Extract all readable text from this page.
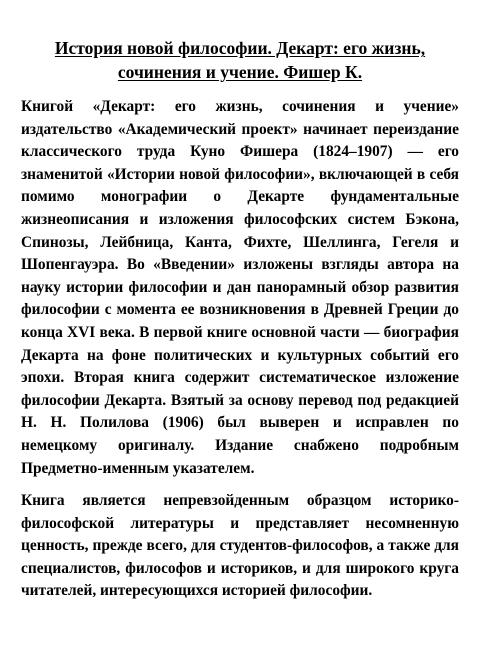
История новой философии. Декарт: его жизнь, сочинения и учение. Фишер К.

Книгой «Декарт: его жизнь, сочинения и учение» издательство «Академический проект» начинает переиздание классического труда Куно Фишера (1824–1907) — его знаменитой «Истории новой философии», включающей в себя помимо монографии о Декарте фундаментальные жизнеописания и изложения философских систем Бэкона, Спинозы, Лейбница, Канта, Фихте, Шеллинга, Гегеля и Шопенгауэра. Во «Введении» изложены взгляды автора на науку истории философии и дан панорамный обзор развития философии с момента ее возникновения в Древней Греции до конца XVI века. В первой книге основной части — биография Декарта на фоне политических и культурных событий его эпохи. Вторая книга содержит систематическое изложение философии Декарта. Взятый за основу перевод под редакцией Н. Н. Полилова (1906) был выверен и исправлен по немецкому оригиналу. Издание снабжено подробным Предметно-именным указателем.

Книга является непревзойденным образцом историко-философской литературы и представляет несомненную ценность, прежде всего, для студентов-философов, а также для специалистов, философов и историков, и для широкого круга читателей, интересующихся историей философии.
